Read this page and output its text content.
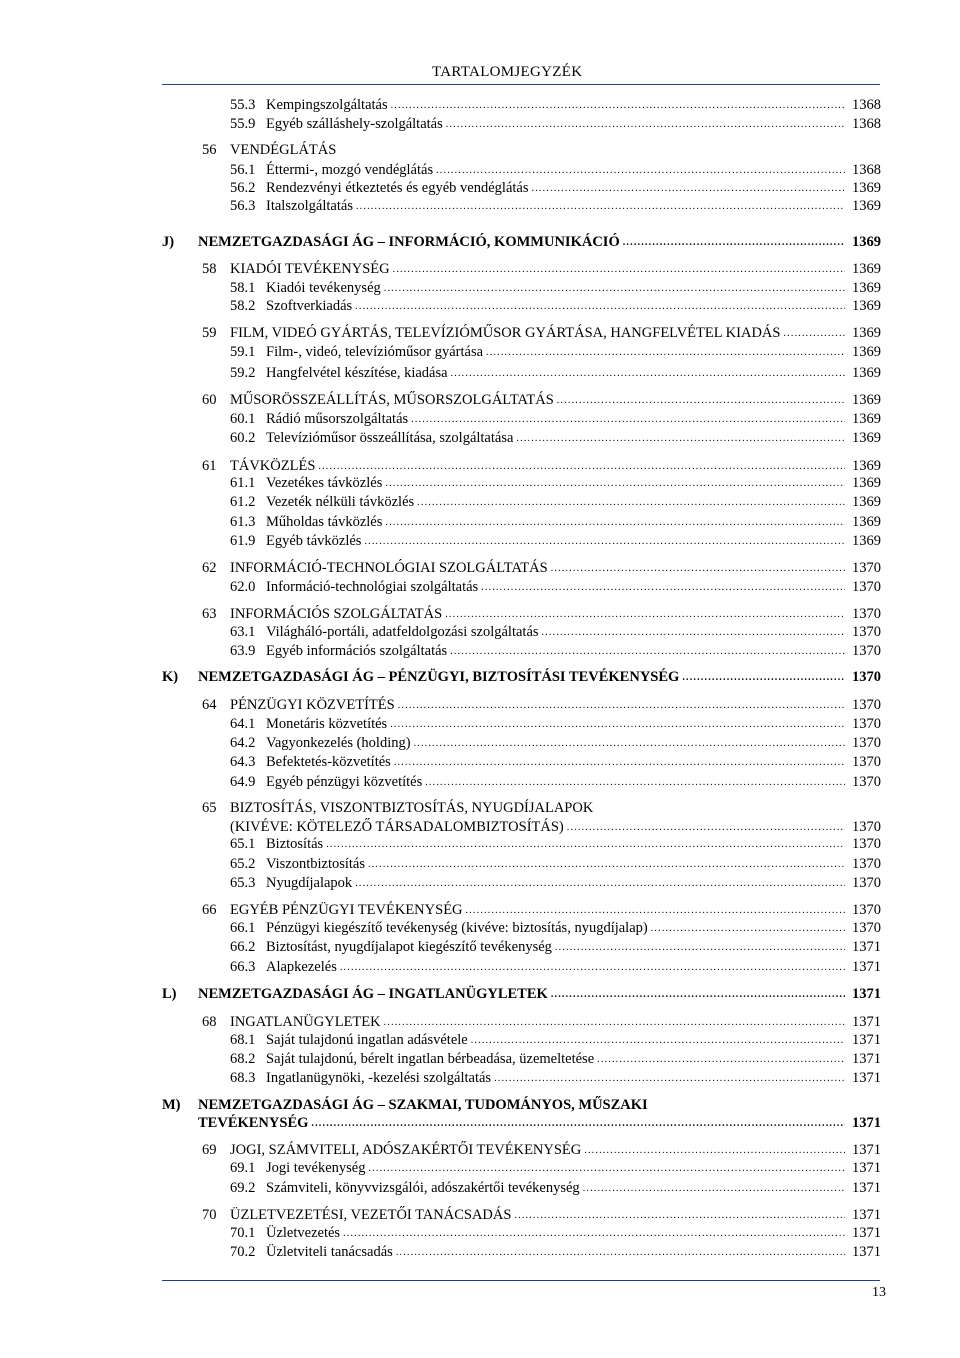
TARTALOMJEGYZÉK
55.3 Kempingszolgáltatás .....	1368
55.9 Egyéb szálláshely-szolgáltatás .....	1368
56 VENDÉGLÁTÁS
56.1 Éttermi-, mozgó vendéglátás .....	1368
56.2 Rendezvényi étkeztetés és egyéb vendéglátás .....	1369
56.3 Italszolgáltatás .....	1369
J)	NEMZETGAZDASÁGI ÁG – INFORMÁCIÓ, KOMMUNIKÁCIÓ .....	1369
58 KIADÓI TEVÉKENYSÉG .....	1369
58.1 Kiadói tevékenység .....	1369
58.2 Szoftverkiadás .....	1369
59 FILM, VIDEÓ GYÁRTÁS, TELEVÍZIÓMŰSOR GYÁRTÁSA, HANGFELVÉTEL KIADÁS .....	1369
59.1 Film-, videó, televízióműsor gyártása .....	1369
59.2 Hangfelvétel készítése, kiadása .....	1369
60 MŰSORÖSSZEÁLLÍTÁS, MŰSORSZOLGÁLTATÁS .....	1369
60.1 Rádió műsorszolgáltatás .....	1369
60.2 Televízióműsor összeállítása, szolgáltatása .....	1369
61 TÁVKÖZLÉS .....	1369
61.1 Vezetékes távközlés .....	1369
61.2 Vezeték nélküli távközlés .....	1369
61.3 Műholdas távközlés .....	1369
61.9 Egyéb távközlés .....	1369
62 INFORMÁCIÓ-TECHNOLÓGIAI SZOLGÁLTATÁS .....	1370
62.0 Információ-technológiai szolgáltatás .....	1370
63 INFORMÁCIÓS SZOLGÁLTATÁS .....	1370
63.1 Világháló-portáli, adatfeldolgozási szolgáltatás .....	1370
63.9 Egyéb információs szolgáltatás .....	1370
K)	NEMZETGAZDASÁGI ÁG – PÉNZÜGYI, BIZTOSÍTÁSI TEVÉKENYSÉG .....	1370
64 PÉNZÜGYI KÖZVETÍTÉS .....	1370
64.1 Monetáris közvetítés .....	1370
64.2 Vagyonkezelés (holding) .....	1370
64.3 Befektetés-közvetítés .....	1370
64.9 Egyéb pénzügyi közvetítés .....	1370
65 BIZTOSÍTÁS, VISZONTBIZTOSÍTÁS, NYUGDÍJALAPOK
(KIVÉVE: KÖTELEZŐ TÁRSADALOMBIZTOSÍTÁS) .....	1370
65.1 Biztosítás .....	1370
65.2 Viszontbiztosítás .....	1370
65.3 Nyugdíjalapok .....	1370
66 EGYÉB PÉNZÜGYI TEVÉKENYSÉG .....	1370
66.1 Pénzügyi kiegészítő tevékenység (kivéve: biztosítás, nyugdíjalap) .....	1370
66.2 Biztosítást, nyugdíjalapot kiegészítő tevékenység .....	1371
66.3 Alapkezelés .....	1371
L)	NEMZETGAZDASÁGI ÁG – INGATLANÜGYLETEK .....	1371
68 INGATLANÜGYLETEK .....	1371
68.1 Saját tulajdonú ingatlan adásvétele .....	1371
68.2 Saját tulajdonú, bérelt ingatlan bérbeadása, üzemeltetése .....	1371
68.3 Ingatlanügynöki, -kezelési szolgáltatás .....	1371
M)	NEMZETGAZDASÁGI ÁG – SZAKMAI, TUDOMÁNYOS, MŰSZAKI
TEVÉKENYSÉG .....	1371
69 JOGI, SZÁMVITELI, ADÓSZAKÉRTŐI TEVÉKENYSÉG .....	1371
69.1 Jogi tevékenység .....	1371
69.2 Számviteli, könyvvizsgálói, adószakértői tevékenység .....	1371
70 ÜZLETVEZETÉSI, VEZETŐI TANÁCSADÁS .....	1371
70.1 Üzletvezetés .....	1371
70.2 Üzletviteli tanácsadás .....	1371
13
